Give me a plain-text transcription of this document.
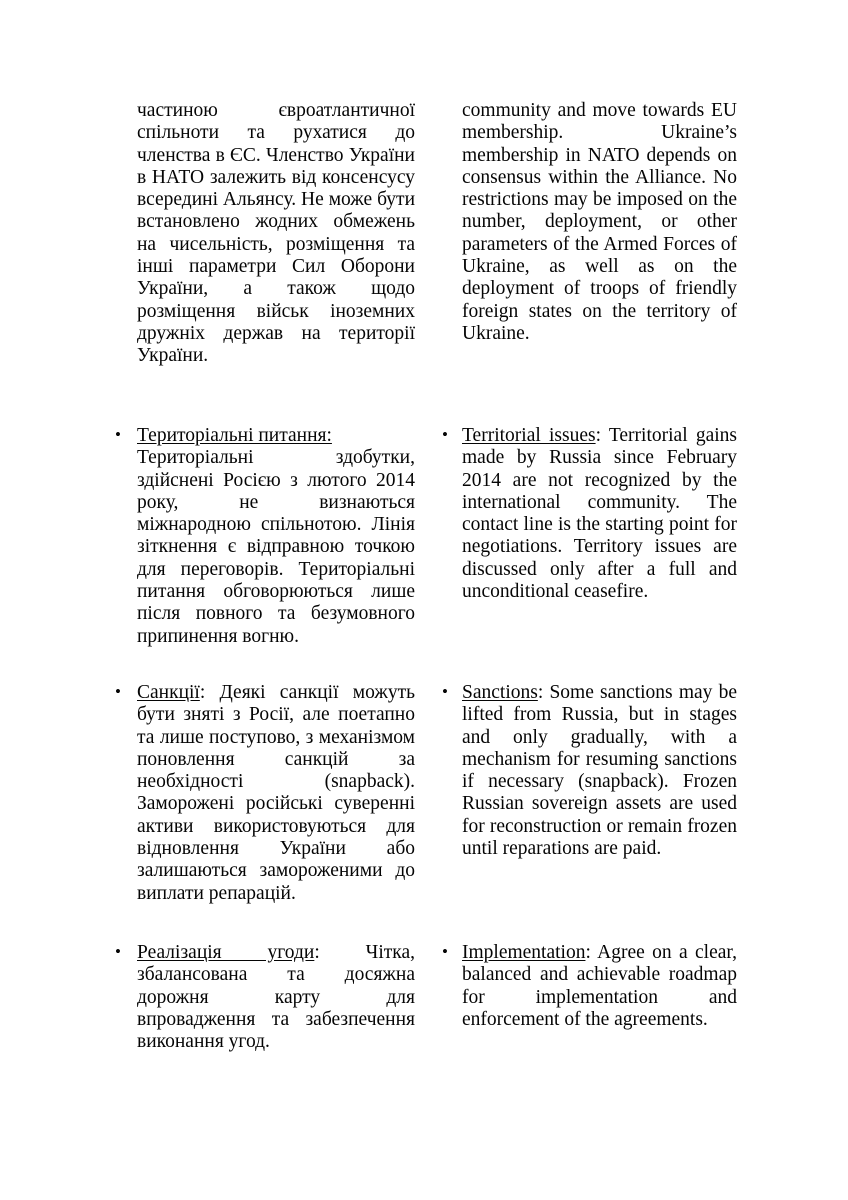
частиною євроатлантичної спільноти та рухатися до членства в ЄС. Членство України в НАТО залежить від консенсусу всередині Альянсу. Не може бути встановлено жодних обмежень на чисельність, розміщення та інші параметри Сил Оборони України, а також щодо розміщення військ іноземних дружніх держав на території України.
community and move towards EU membership. Ukraine’s membership in NATO depends on consensus within the Alliance. No restrictions may be imposed on the number, deployment, or other parameters of the Armed Forces of Ukraine, as well as on the deployment of troops of friendly foreign states on the territory of Ukraine.
• Територіальні питання:
Територіальні здобутки, здійснені Росією з лютого 2014 року, не визнаються міжнародною спільнотою. Лінія зіткнення є відправною точкою для переговорів. Територіальні питання обговорюються лише після повного та безумовного припинення вогню.
• Territorial issues: Territorial gains made by Russia since February 2014 are not recognized by the international community. The contact line is the starting point for negotiations. Territory issues are discussed only after a full and unconditional ceasefire.
• Санкції: Деякі санкції можуть бути зняті з Росії, але поетапно та лише поступово, з механізмом поновлення санкцій за необхідності (snapback). Заморожені російські суверенні активи використовуються для відновлення України або залишаються замороженими до виплати репарацій.
• Sanctions: Some sanctions may be lifted from Russia, but in stages and only gradually, with a mechanism for resuming sanctions if necessary (snapback). Frozen Russian sovereign assets are used for reconstruction or remain frozen until reparations are paid.
• Реалізація угоди: Чітка, збалансована та досяжна дорожня карту для впровадження та забезпечення виконання угод.
• Implementation: Agree on a clear, balanced and achievable roadmap for implementation and enforcement of the agreements.
